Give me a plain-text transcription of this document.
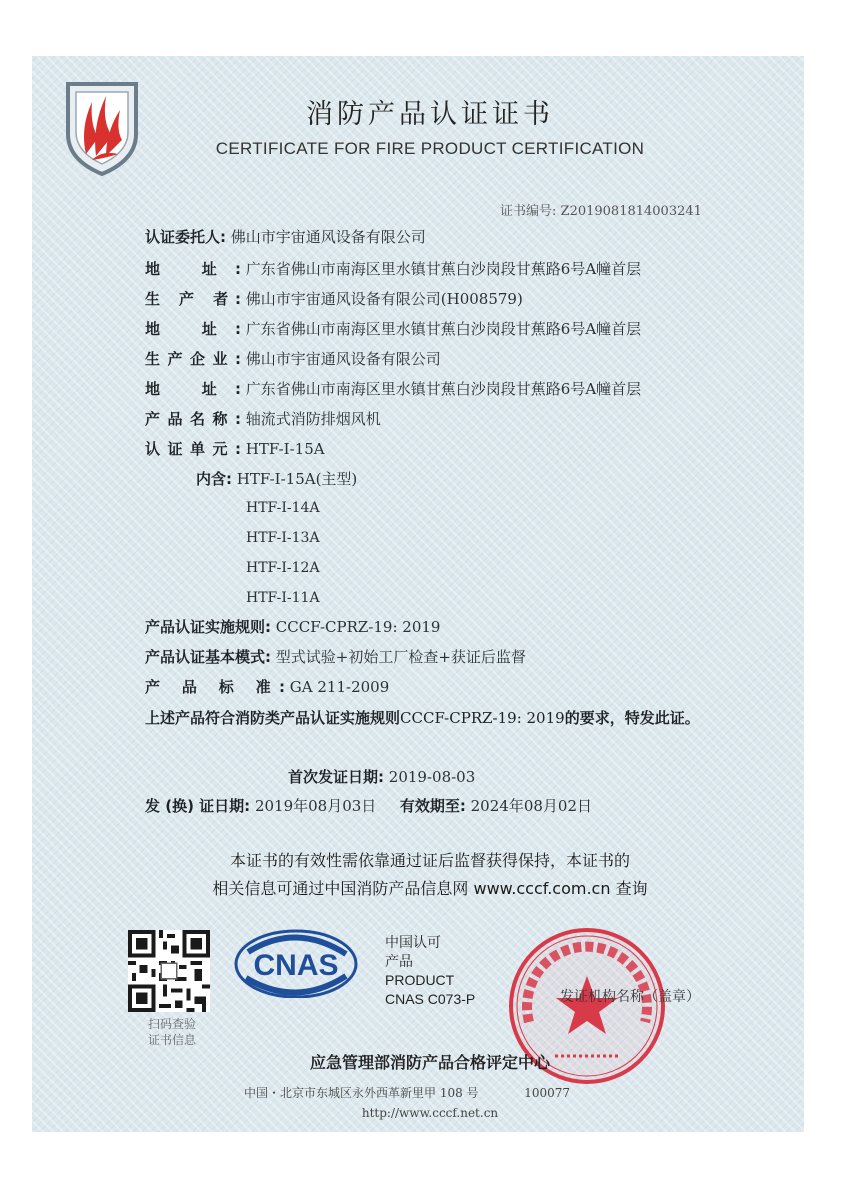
消防产品认证证书
CERTIFICATE FOR FIRE PRODUCT CERTIFICATION
证书编号: Z2019081814003241
认证委托人: 佛山市宇宙通风设备有限公司
地 址: 广东省佛山市南海区里水镇甘蕉白沙岗段甘蕉路6号A幢首层
生 产 者: 佛山市宇宙通风设备有限公司(H008579)
地 址: 广东省佛山市南海区里水镇甘蕉白沙岗段甘蕉路6号A幢首层
生产企业: 佛山市宇宙通风设备有限公司
地 址: 广东省佛山市南海区里水镇甘蕉白沙岗段甘蕉路6号A幢首层
产品名称: 轴流式消防排烟风机
认证单元: HTF-I-15A
内含: HTF-I-15A(主型)
HTF-I-14A
HTF-I-13A
HTF-I-12A
HTF-I-11A
产品认证实施规则: CCCF-CPRZ-19: 2019
产品认证基本模式: 型式试验+初始工厂检查+获证后监督
产 品 标 准: GA 211-2009
上述产品符合消防类产品认证实施规则CCCF-CPRZ-19: 2019的要求，特发此证。
首次发证日期: 2019-08-03
发 (换) 证日期: 2019年08月03日 有效期至: 2024年08月02日
本证书的有效性需依靠通过证后监督获得保持，本证书的
相关信息可通过中国消防产品信息网 www.cccf.com.cn 查询
扫码查验
证书信息
CNAS
中国认可
产品
PRODUCT
CNAS C073-P	发证机构名称（盖章）
应急管理部消防产品合格评定中心
中国・北京市东城区永外西革新里甲 108 号	100077
http://www.cccf.net.cn
